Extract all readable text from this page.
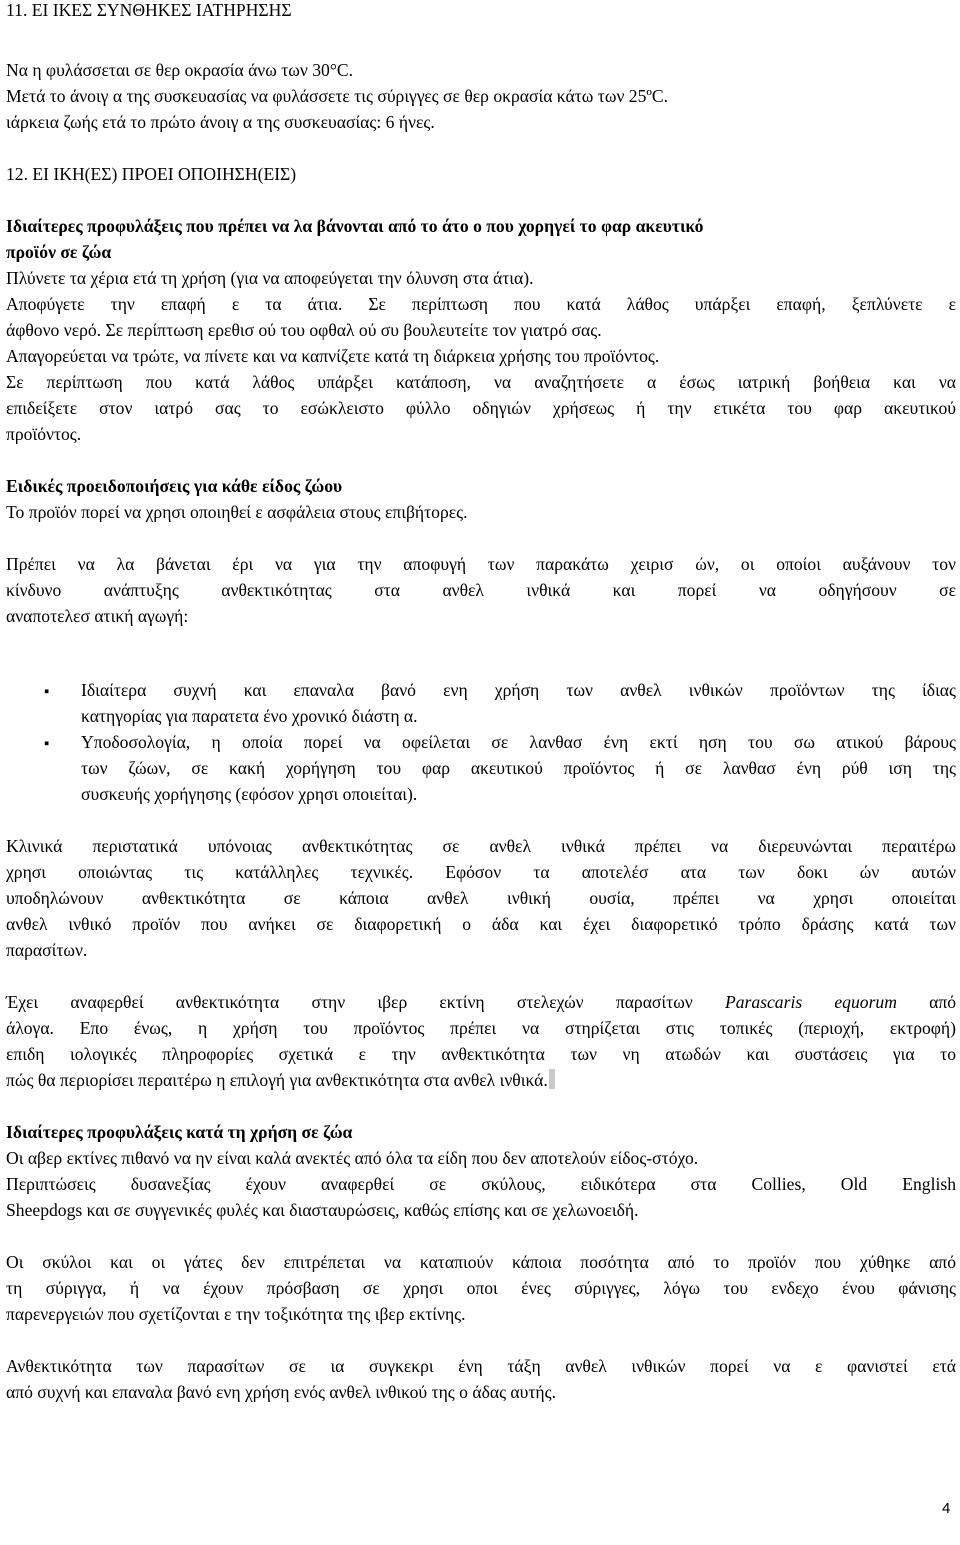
11. ΕΙ ΙΚΕΣ ΣΥΝΘΗΚΕΣ ΙΑΤΗΡΗΣΗΣ
Να η φυλάσσεται σε θερ οκρασία άνω των 30°C.
Μετά το άνοιγ α της συσκευασίας να φυλάσσετε τις σύριγγες σε θερ οκρασία κάτω των 25ºC.
ιάρκεια ζωής ετά το πρώτο άνοιγ α της συσκευασίας: 6 ήνες.
12. ΕΙ ΙΚΗ(ΕΣ) ΠΡΟΕΙ ΟΠΟΙΗΣΗ(ΕΙΣ)
Ιδιαίτερες προφυλάξεις που πρέπει να λα βάνονται από το άτο ο που χορηγεί το φαρ ακευτικό
προϊόν σε ζώα
Πλύνετε τα χέρια ετά τη χρήση (για να αποφεύγεται την όλυνση στα άτια).
Αποφύγετε την επαφή ε τα άτια. Σε περίπτωση που κατά λάθος υπάρξει επαφή, ξεπλύνετε ε
άφθονο νερό. Σε περίπτωση ερεθισ ού του οφθαλ ού συ βουλευτείτε τον γιατρό σας.
Απαγορεύεται να τρώτε, να πίνετε και να καπνίζετε κατά τη διάρκεια χρήσης του προϊόντος.
Σε περίπτωση που κατά λάθος υπάρξει κατάποση, να αναζητήσετε α έσως ιατρική βοήθεια και να
επιδείξετε στον ιατρό σας το εσώκλειστο φύλλο οδηγιών χρήσεως ή την ετικέτα του φαρ ακευτικού
προϊόντος.
Ειδικές προειδοποιήσεις για κάθε είδος ζώου
Το προϊόν πορεί να χρησι οποιηθεί ε ασφάλεια στους επιβήτορες.
Πρέπει να λα βάνεται έρι να για την αποφυγή των παρακάτω χειρισ ών, οι οποίοι αυξάνουν τον
κίνδυνο ανάπτυξης ανθεκτικότητας στα ανθελ ινθικά και πορεί να οδηγήσουν σε
αναποτελεσ ατική αγωγή:
▪ Ιδιαίτερα συχνή και επαναλα βανό ενη χρήση των ανθελ ινθικών προϊόντων της ίδιας
κατηγορίας για παρατετα ένο χρονικό διάστη α.
▪ Υποδοσολογία, η οποία πορεί να οφείλεται σε λανθασ ένη εκτί ηση του σω ατικού βάρους
των ζώων, σε κακή χορήγηση του φαρ ακευτικού προϊόντος ή σε λανθασ ένη ρύθ ιση της
συσκευής χορήγησης (εφόσον χρησι οποιείται).
Κλινικά περιστατικά υπόνοιας ανθεκτικότητας σε ανθελ ινθικά πρέπει να διερευνώνται περαιτέρω
χρησι οποιώντας τις κατάλληλες τεχνικές. Εφόσον τα αποτελέσ ατα των δοκι ών αυτών
υποδηλώνουν ανθεκτικότητα σε κάποια ανθελ ινθική ουσία, πρέπει να χρησι οποιείται
ανθελ ινθικό προϊόν που ανήκει σε διαφορετική ο άδα και έχει διαφορετικό τρόπο δράσης κατά των
παρασίτων.
Έχει αναφερθεί ανθεκτικότητα στην ιβερ εκτίνη στελεχών παρασίτων Parascaris equorum από
άλογα. Επο ένως, η χρήση του προϊόντος πρέπει να στηρίζεται στις τοπικές (περιοχή, εκτροφή)
επιδη ιολογικές πληροφορίες σχετικά ε την ανθεκτικότητα των νη ατωδών και συστάσεις για το
πώς θα περιορίσει περαιτέρω η επιλογή για ανθεκτικότητα στα ανθελ ινθικά.
Ιδιαίτερες προφυλάξεις κατά τη χρήση σε ζώα
Οι αβερ εκτίνες πιθανό να ην είναι καλά ανεκτές από όλα τα είδη που δεν αποτελούν είδος-στόχο.
Περιπτώσεις δυσανεξίας έχουν αναφερθεί σε σκύλους, ειδικότερα στα Collies, Old English
Sheepdogs και σε συγγενικές φυλές και διασταυρώσεις, καθώς επίσης και σε χελωνοειδή.
Οι σκύλοι και οι γάτες δεν επιτρέπεται να καταπιούν κάποια ποσότητα από το προϊόν που χύθηκε από
τη σύριγγα, ή να έχουν πρόσβαση σε χρησι οποι ένες σύριγγες, λόγω του ενδεχο ένου φάνισης
παρενεργειών που σχετίζονται ε την τοξικότητα της ιβερ εκτίνης.
Ανθεκτικότητα των παρασίτων σε ια συγκεκρι ένη τάξη ανθελ ινθικών πορεί να ε φανιστεί ετά
από συχνή και επαναλα βανό ενη χρήση ενός ανθελ ινθικού της ο άδας αυτής.
4
